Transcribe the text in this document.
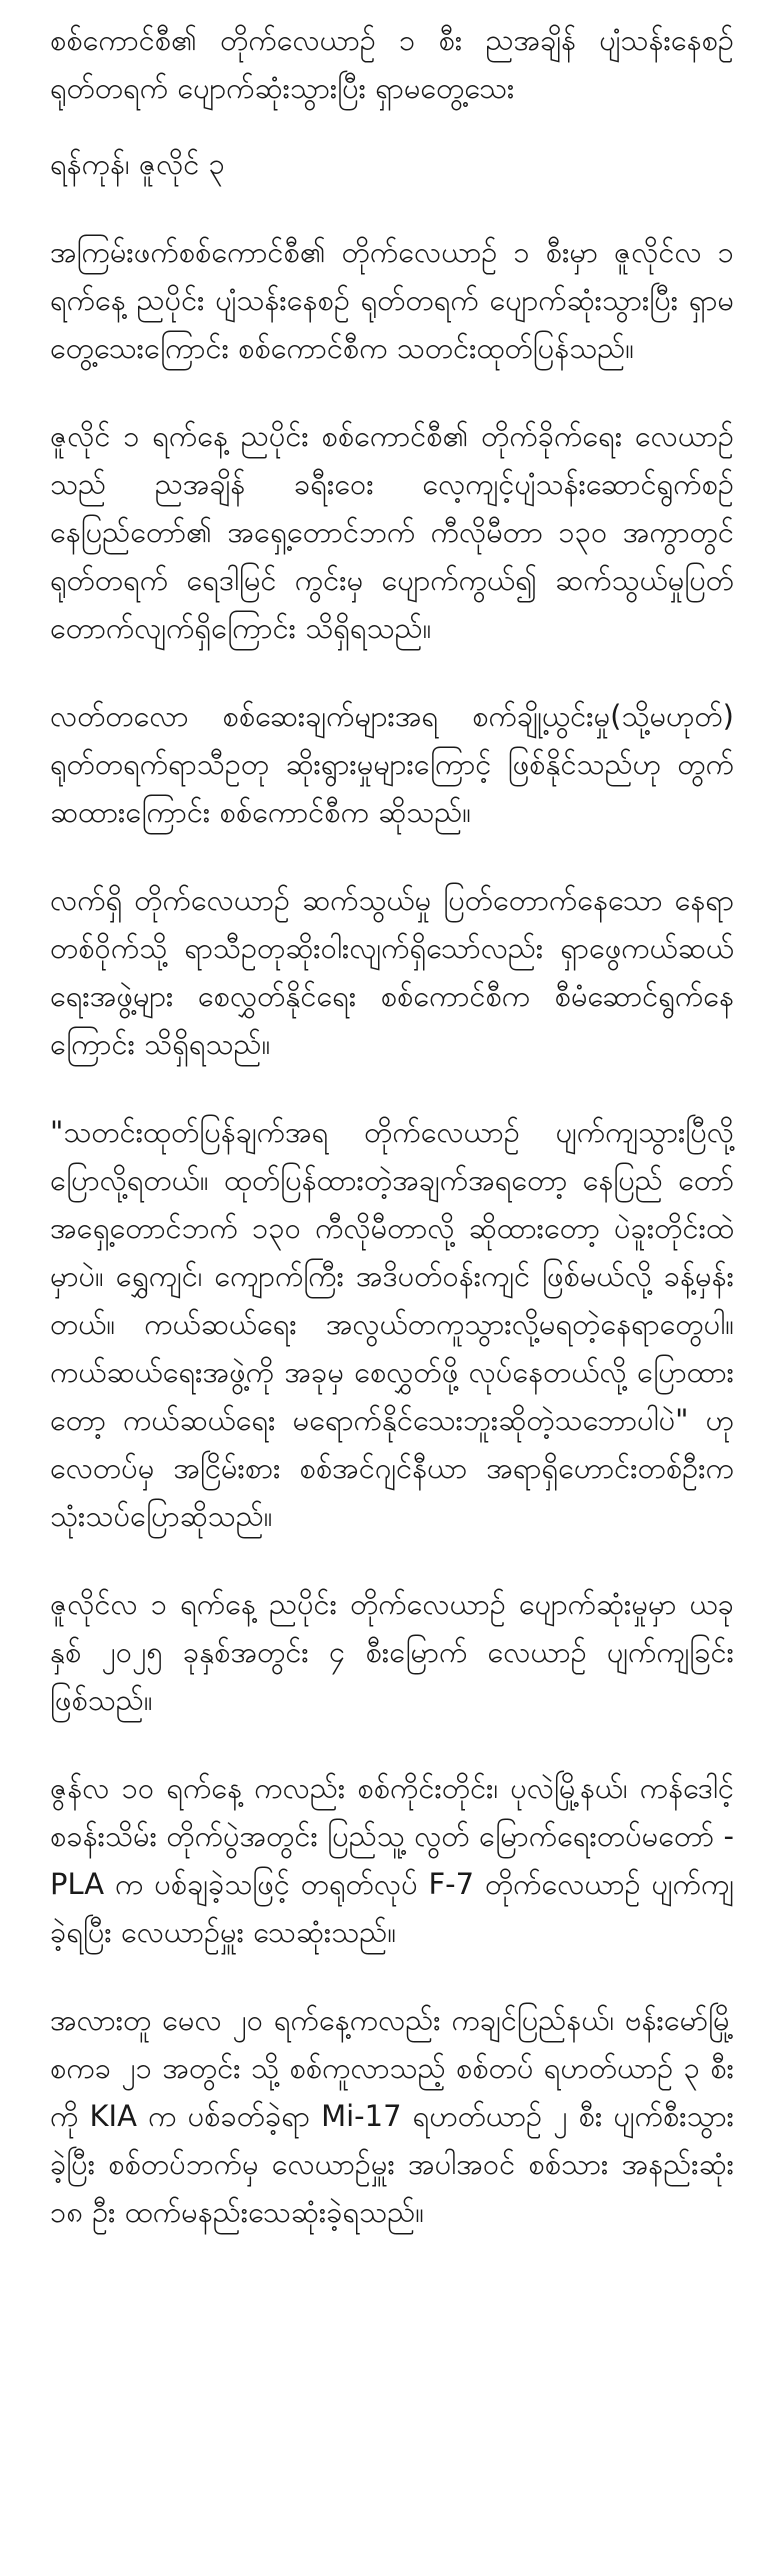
စစ်ကောင်စီ၏ တိုက်လေယာဉ် ၁ စီး ညအချိန် ပျံသန်းနေစဉ် ရုတ်တရက် ပျောက်ဆုံးသွားပြီး ရှာမတွေ့သေး

ရန်ကုန်၊ ဇူလိုင် ၃

အကြမ်းဖက်စစ်ကောင်စီ၏ တိုက်လေယာဉ် ၁ စီးမှာ ဇူလိုင်လ ၁ ရက်နေ့ ညပိုင်း ပျံသန်းနေစဉ် ရုတ်တရက် ပျောက်ဆုံးသွားပြီး ရှာမတွေ့သေးကြောင်း စစ်ကောင်စီက သတင်းထုတ်ပြန်သည်။

ဇူလိုင် ၁ ရက်နေ့ ညပိုင်း စစ်ကောင်စီ၏ တိုက်ခိုက်ရေး လေယာဉ်သည် ညအချိန် ခရီးဝေး လေ့ကျင့်ပျံသန်းဆောင်ရွက်စဉ် နေပြည်တော်၏ အရှေ့တောင်ဘက် ကီလိုမီတာ ၁၃၀ အကွာတွင် ရုတ်တရက် ရေဒါမြင် ကွင်းမှ ပျောက်ကွယ်၍ ဆက်သွယ်မှုပြတ်တောက်လျက်ရှိကြောင်း သိရှိရသည်။

လတ်တလော စစ်ဆေးချက်များအရ စက်ချို့ယွင်းမှု(သို့မဟုတ်) ရုတ်တရက်ရာသီဥတု ဆိုးရွားမှုများကြောင့် ဖြစ်နိုင်သည်ဟု တွက်ဆထားကြောင်း စစ်ကောင်စီက ဆိုသည်။

လက်ရှိ တိုက်လေယာဉ် ဆက်သွယ်မှု ပြတ်တောက်နေသော နေရာတစ်ဝိုက်သို့ ရာသီဥတုဆိုးဝါးလျက်ရှိသော်လည်း ရှာဖွေကယ်ဆယ်ရေးအဖွဲ့များ စေလွှတ်နိုင်ရေး စစ်ကောင်စီက စီမံဆောင်ရွက်နေကြောင်း သိရှိရသည်။

"သတင်းထုတ်ပြန်ချက်အရ တိုက်လေယာဉ် ပျက်ကျသွားပြီလို့ ပြောလို့ရတယ်။ ထုတ်ပြန်ထားတဲ့အချက်အရတော့ နေပြည် တော် အရှေ့တောင်ဘက် ၁၃၀ ကီလိုမီတာလို့ ဆိုထားတော့ ပဲခူးတိုင်းထဲမှာပဲ။ ရွှေကျင်၊ ကျောက်ကြီး အဒိပတ်ဝန်းကျင် ဖြစ်မယ်လို့ ခန့်မှန်းတယ်။ ကယ်ဆယ်ရေး အလွယ်တကူသွားလို့မရတဲ့နေရာတွေပါ။ ကယ်ဆယ်ရေးအဖွဲ့ကို အခုမှ စေလွှတ်ဖို့ လုပ်နေတယ်လို့ ပြောထားတော့ ကယ်ဆယ်ရေး မရောက်နိုင်သေးဘူးဆိုတဲ့သဘောပါပဲ" ဟု လေတပ်မှ အငြိမ်းစား စစ်အင်ဂျင်နီယာ အရာရှိဟောင်းတစ်ဦးက သုံးသပ်ပြောဆိုသည်။

ဇူလိုင်လ ၁ ရက်နေ့ ညပိုင်း တိုက်လေယာဉ် ပျောက်ဆုံးမှုမှာ ယခုနှစ် ၂၀၂၅ ခုနှစ်အတွင်း ၄ စီးမြောက် လေယာဉ် ပျက်ကျခြင်းဖြစ်သည်။

ဇွန်လ ၁၀ ရက်နေ့ ကလည်း စစ်ကိုင်းတိုင်း၊ ပုလဲမြို့နယ်၊ ကန်ဒေါင့်စခန်းသိမ်း တိုက်ပွဲအတွင်း ပြည်သူ့ လွတ် မြောက်ရေးတပ်မတော် - PLA က ပစ်ချခဲ့သဖြင့် တရုတ်လုပ် F-7 တိုက်လေယာဉ် ပျက်ကျခဲ့ရပြီး လေယာဉ်မှူး သေဆုံးသည်။

အလားတူ မေလ ၂၀ ရက်နေ့ကလည်း ကချင်ပြည်နယ်၊ ဗန်းမော်မြို့ စကခ ၂၁ အတွင်း သို့ စစ်ကူလာသည့် စစ်တပ် ရဟတ်ယာဉ် ၃ စီးကို KIA က ပစ်ခတ်ခဲ့ရာ Mi-17 ရဟတ်ယာဉ် ၂ စီး ပျက်စီးသွားခဲ့ပြီး စစ်တပ်ဘက်မှ လေယာဉ်မှူး အပါအဝင် စစ်သား အနည်းဆုံး ၁၈ ဦး ထက်မနည်းသေဆုံးခဲ့ရသည်။
